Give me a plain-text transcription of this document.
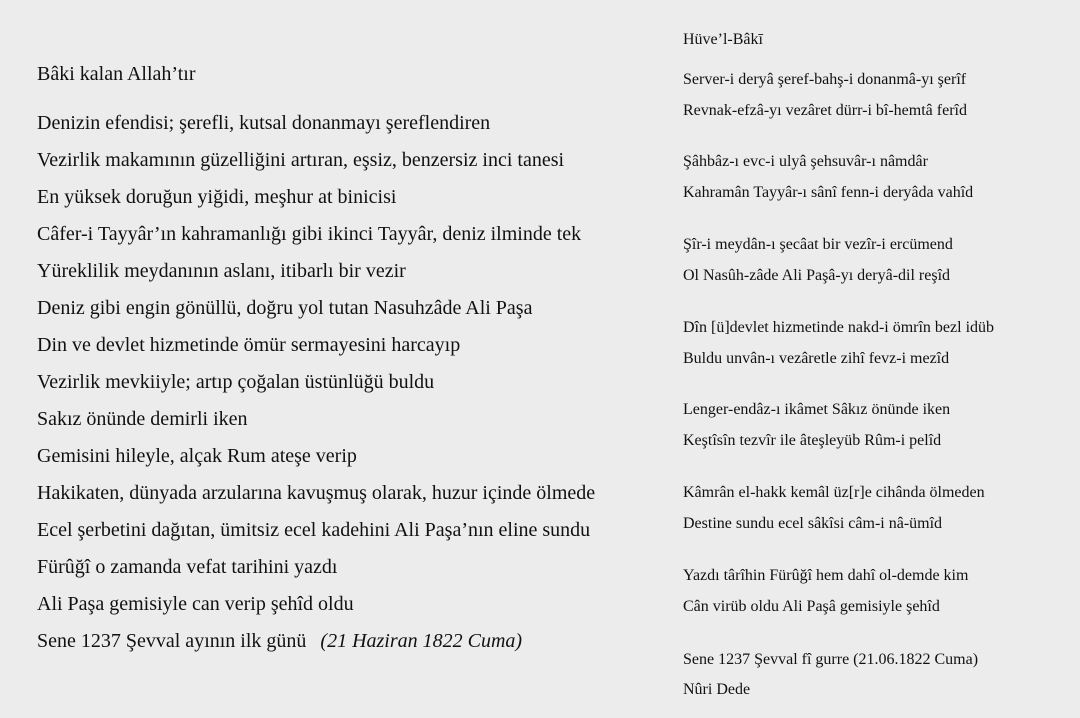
Bâki kalan Allah’tır
Denizin efendisi; şerefli, kutsal donanmayı şereflendiren
Vezirlik makamının güzelliğini artıran, eşsiz, benzersiz inci tanesi
En yüksek doruğun yiğidi, meşhur at binicisi
Câfer-i Tayyâr’ın kahramanlığı gibi ikinci Tayyâr, deniz ilminde tek
Yüreklilik meydanının aslanı, itibarlı bir vezir
Deniz gibi engin gönüllü, doğru yol tutan Nasuhzâde Ali Paşa
Din ve devlet hizmetinde ömür sermayesini harcayıp
Vezirlik mevkiiyle; artıp çoğalan üstünlüğü buldu
Sakız önünde demirli iken
Gemisini hileyle, alçak Rum ateşe verip
Hakikaten, dünyada arzularına kavuşmuş olarak, huzur içinde ölmede
Ecel şerbetini dağıtan, ümitsiz ecel kadehini Ali Paşa’nın eline sundu
Fürûğî o zamanda vefat tarihini yazdı
Ali Paşa gemisiyle can verip şehîd oldu
Sene 1237 Şevval ayının ilk günü (21 Haziran 1822 Cuma)
Hüve’l-Bâkī
Server-i deryâ şeref-bahş-i donanmâ-yı şerîf
Revnak-efzâ-yı vezâret dürr-i bî-hemtâ ferîd
Şâhbâz-ı evc-i ulyâ şehsuvâr-ı nâmdâr
Kahramân Tayyâr-ı sânî fenn-i deryâda vahîd
Şîr-i meydân-ı şecâat bir vezîr-i ercümend
Ol Nasûh-zâde Ali Paşâ-yı deryâ-dil reşîd
Dîn [ü]devlet hizmetinde nakd-i ömrîn bezl idüb
Buldu unvân-ı vezâretle zihî fevz-i mezîd
Lenger-endâz-ı ikâmet Sâkız önünde iken
Keştîsîn tezvîr ile âteşleyüb Rûm-i pelîd
Kâmrân el-hakk kemâl üz[r]e cihânda ölmeden
Destine sundu ecel sâkîsi câm-i nâ-ümîd
Yazdı târîhin Fürûğî hem dahî ol-demde kim
Cân virüb oldu Ali Paşâ gemisiyle şehîd
Sene 1237 Şevval fî gurre (21.06.1822 Cuma)
Nûri Dede
